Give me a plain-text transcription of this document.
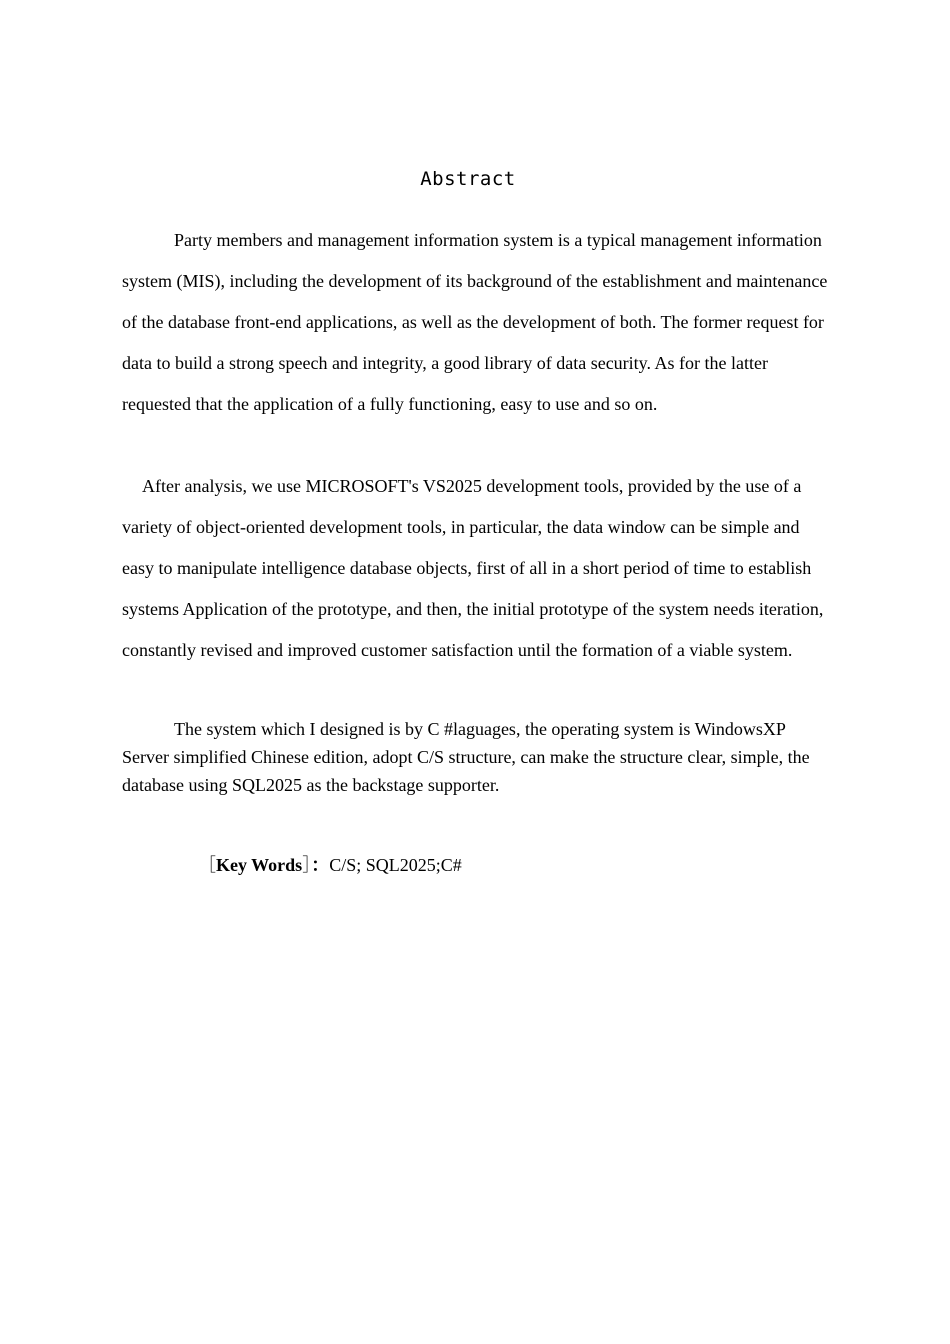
Abstract

Party members and management information system is a typical management information system (MIS), including the development of its background of the establishment and maintenance of the database front-end applications, as well as the development of both. The former request for data to build a strong speech and integrity, a good library of data security. As for the latter requested that the application of a fully functioning, easy to use and so on.

After analysis, we use MICROSOFT's VS2025 development tools, provided by the use of a variety of object-oriented development tools, in particular, the data window can be simple and easy to manipulate intelligence database objects, first of all in a short period of time to establish systems Application of the prototype, and then, the initial prototype of the system needs iteration, constantly revised and improved customer satisfaction until the formation of a viable system.

The system which I designed is by C #laguages, the operating system is WindowsXP Server simplified Chinese edition, adopt C/S structure, can make the structure clear, simple, the database using SQL2025 as the backstage supporter.

［Key Words］：C/S; SQL2025;C#
